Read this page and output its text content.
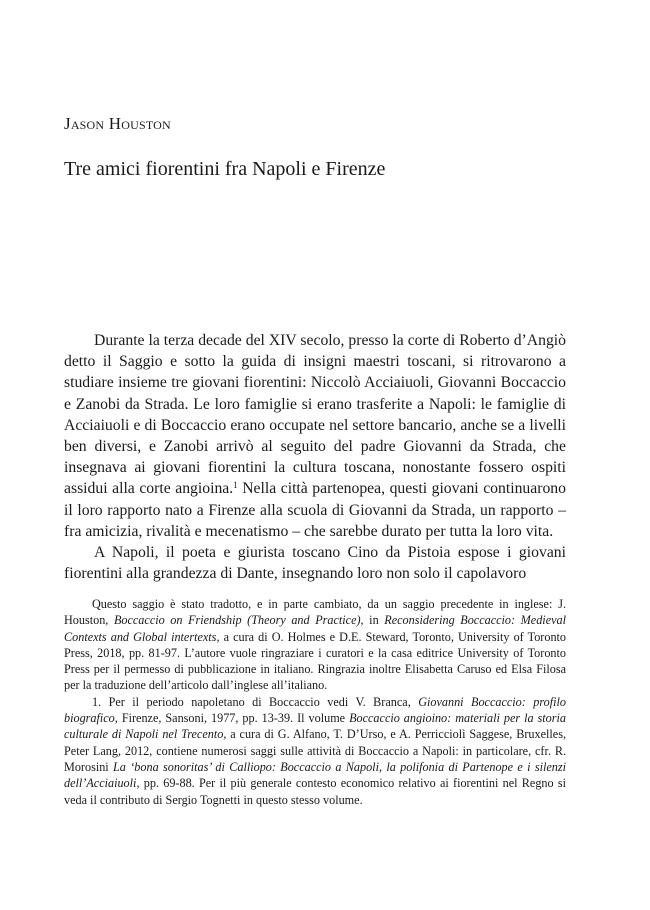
Jason Houston
Tre amici fiorentini fra Napoli e Firenze

Durante la terza decade del XIV secolo, presso la corte di Roberto d’Angiò detto il Saggio e sotto la guida di insigni maestri toscani, si ritrovarono a studiare insieme tre giovani fiorentini: Niccolò Acciaiuoli, Giovanni Boccaccio e Zanobi da Strada. Le loro famiglie si erano trasferite a Napoli: le famiglie di Acciaiuoli e di Boccaccio erano occupate nel settore bancario, anche se a livelli ben diversi, e Zanobi arrivò al seguito del padre Giovanni da Strada, che insegnava ai giovani fiorentini la cultura toscana, nonostante fossero ospiti assidui alla corte angioina.$^1$ Nella città partenopea, questi giovani continuarono il loro rapporto nato a Firenze alla scuola di Giovanni da Strada, un rapporto – fra amicizia, rivalità e mecenatismo – che sarebbe durato per tutta la loro vita.

A Napoli, il poeta e giurista toscano Cino da Pistoia espose i giovani fiorentini alla grandezza di Dante, insegnando loro non solo il capolavoro

Questo saggio è stato tradotto, e in parte cambiato, da un saggio precedente in inglese: J. Houston, Boccaccio on Friendship (Theory and Practice), in Reconsidering Boccaccio: Medieval Contexts and Global intertexts, a cura di O. Holmes e D.E. Steward, Toronto, University of Toronto Press, 2018, pp. 81-97. L’autore vuole ringraziare i curatori e la casa editrice University of Toronto Press per il permesso di pubblicazione in italiano. Ringrazia inoltre Elisabetta Caruso ed Elsa Filosa per la traduzione dell’articolo dall’inglese all’italiano.

1. Per il periodo napoletano di Boccaccio vedi V. Branca, Giovanni Boccaccio: profilo biografico, Firenze, Sansoni, 1977, pp. 13-39. Il volume Boccaccio angioino: materiali per la storia culturale di Napoli nel Trecento, a cura di G. Alfano, T. D’Urso, e A. Perricciolì Saggese, Bruxelles, Peter Lang, 2012, contiene numerosi saggi sulle attività di Boccaccio a Napoli: in particolare, cfr. R. Morosini La ‘bona sonoritas’ di Calliopo: Boccaccio a Napoli, la polifonia di Partenope e i silenzi dell’Acciaiuoli, pp. 69-88. Per il più generale contesto economico relativo ai fiorentini nel Regno si veda il contributo di Sergio Tognetti in questo stesso volume.
